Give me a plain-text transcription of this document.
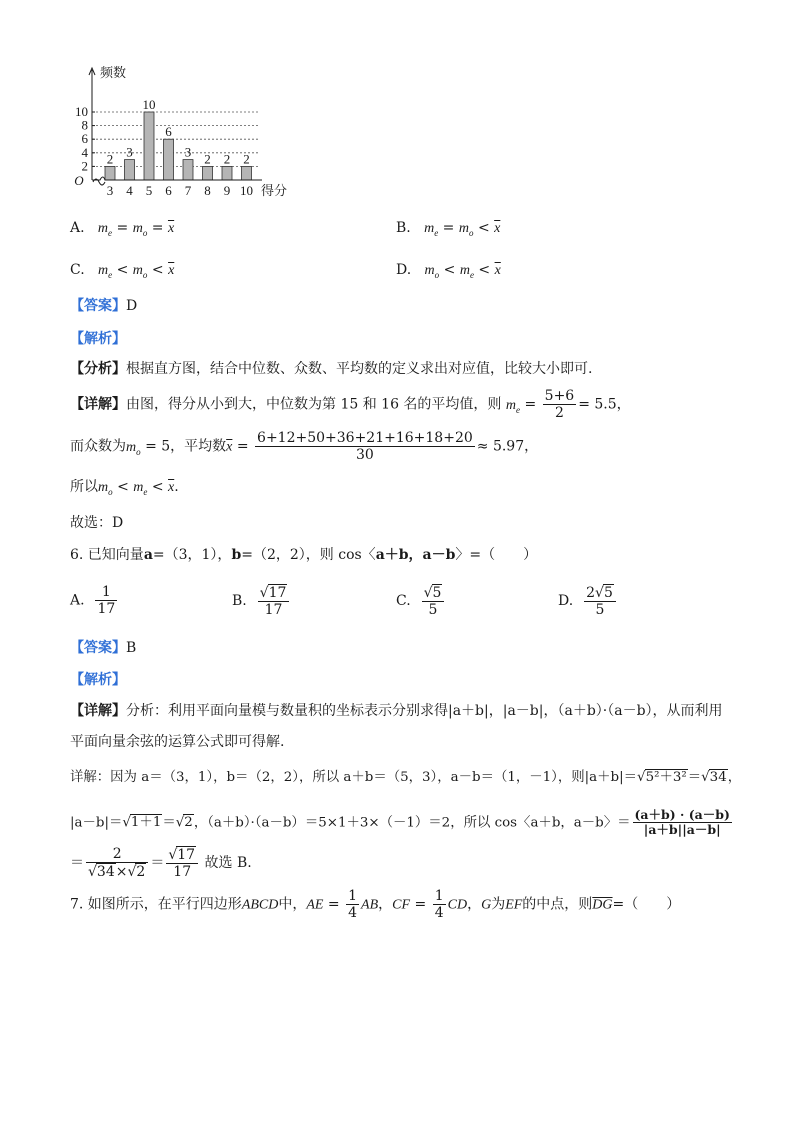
2
4
6
8
10
2
3
3
4
10
5
6
6
3
7
2
8
2
9
2
10
频数
得分
O
A. $m_e = m_o = \overline{x}$	B. $m_e = m_o < \overline{x}$
C. $m_e < m_o < \overline{x}$	D. $m_o < m_e < \overline{x}$
【答案】D
【解析】
【分析】根据直方图，结合中位数、众数、平均数的定义求出对应值，比较大小即可.
【详解】由图，得分从小到大，中位数为第 15 和 16 名的平均值，则 $m_e = \frac{5+6}{2} = 5.5$，
而众数为$m_o = 5$，平均数$\overline{x} = \frac{6+12+50+36+21+16+18+20}{30} \approx 5.97$，
所以$m_o < m_e < \overline{x}$.
故选：D
6. 已知向量a=（3，1），b=（2，2），则 cos〈a＋b，a－b〉=（　　）
A. $\frac{1}{17}$	B. $\frac{√17}{17}$	C. $\frac{√5}{5}$	D. $\frac{2√5}{5}$
【答案】B
【解析】
【详解】分析：利用平面向量模与数量积的坐标表示分别求得|a＋b|，|a－b|，（a＋b）·（a－b），从而利用
平面向量余弦的运算公式即可得解.
详解：因为 a＝（3，1），b＝（2，2），所以 a＋b＝（5，3），a－b＝（1，－1），则|a＋b|＝√5²＋3²＝√34，
|a－b|＝√1＋1＝√2，（a＋b）·（a－b）＝5×1＋3×（－1）＝2，所以 cos〈a＋b，a－b〉＝ $\frac{(a+b) \cdot (a-b)}{|a+b||a-b|}$
＝ $\frac{2}{√34\times√2} = \frac{√17}{17}$ 故选 B.
7. 如图所示，在平行四边形ABCD中，AE = $\frac{1}{4}$ AB，CF = $\frac{1}{4}$ CD，G为EF的中点，则$\overline{DG}=$（　　）
